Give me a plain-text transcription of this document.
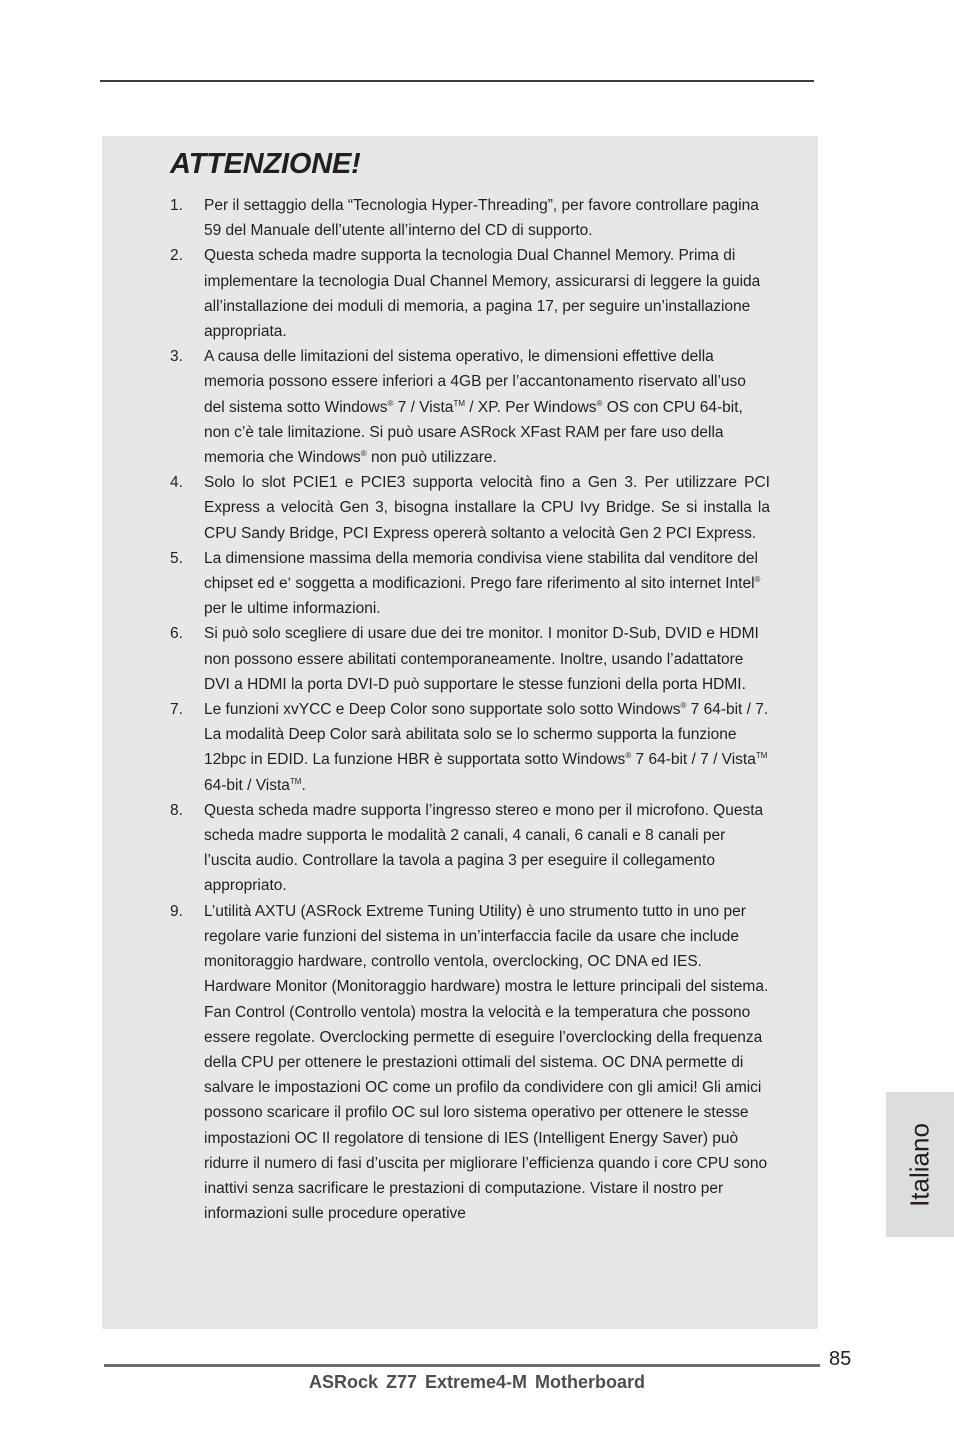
ATTENZIONE!
1. Per il settaggio della “Tecnologia Hyper-Threading”, per favore controllare pagina 59 del Manuale dell’utente all’interno del CD di supporto.
2. Questa scheda madre supporta la tecnologia Dual Channel Memory. Prima di implementare la tecnologia Dual Channel Memory, assicurarsi di leggere la guida all’installazione dei moduli di memoria, a pagina 17, per seguire un’installazione appropriata.
3. A causa delle limitazioni del sistema operativo, le dimensioni effettive della memoria possono essere inferiori a 4GB per l’accantonamento riservato all’uso del sistema sotto Windows® 7 / Vista™ / XP. Per Windows® OS con CPU 64-bit, non c’è tale limitazione. Si può usare ASRock XFast RAM per fare uso della memoria che Windows® non può utilizzare.
4. Solo lo slot PCIE1 e PCIE3 supporta velocità fino a Gen 3. Per utilizzare PCI Express a velocità Gen 3, bisogna installare la CPU Ivy Bridge. Se si installa la CPU Sandy Bridge, PCI Express opererà soltanto a velocità Gen 2 PCI Express.
5. La dimensione massima della memoria condivisa viene stabilita dal venditore del chipset ed e‘ soggetta a modificazioni. Prego fare riferimento al sito internet Intel® per le ultime informazioni.
6. Si può solo scegliere di usare due dei tre monitor. I monitor D-Sub, DVID e HDMI non possono essere abilitati contemporaneamente. Inoltre, usando l’adattatore DVI a HDMI la porta DVI-D può supportare le stesse funzioni della porta HDMI.
7. Le funzioni xvYCC e Deep Color sono supportate solo sotto Windows® 7 64-bit / 7. La modalità Deep Color sarà abilitata solo se lo schermo supporta la funzione 12bpc in EDID. La funzione HBR è supportata sotto Windows® 7 64-bit / 7 / Vista™ 64-bit / Vista™.
8. Questa scheda madre supporta l’ingresso stereo e mono per il microfono. Questa scheda madre supporta le modalità 2 canali, 4 canali, 6 canali e 8 canali per l’uscita audio. Controllare la tavola a pagina 3 per eseguire il collegamento appropriato.
9. L’utilità AXTU (ASRock Extreme Tuning Utility) è uno strumento tutto in uno per regolare varie funzioni del sistema in un’interfaccia facile da usare che include monitoraggio hardware, controllo ventola, overclocking, OC DNA ed IES. Hardware Monitor (Monitoraggio hardware) mostra le letture principali del sistema. Fan Control (Controllo ventola) mostra la velocità e la temperatura che possono essere regolate. Overclocking permette di eseguire l’overclocking della frequenza della CPU per ottenere le prestazioni ottimali del sistema. OC DNA permette di salvare le impostazioni OC come un profilo da condividere con gli amici! Gli amici possono scaricare il profilo OC sul loro sistema operativo per ottenere le stesse impostazioni OC Il regolatore di tensione di IES (Intelligent Energy Saver) può ridurre il numero di fasi d’uscita per migliorare l’efficienza quando i core CPU sono inattivi senza sacrificare le prestazioni di computazione. Vistare il nostro per informazioni sulle procedure operative
Italiano
85
ASRock Z77 Extreme4-M Motherboard
